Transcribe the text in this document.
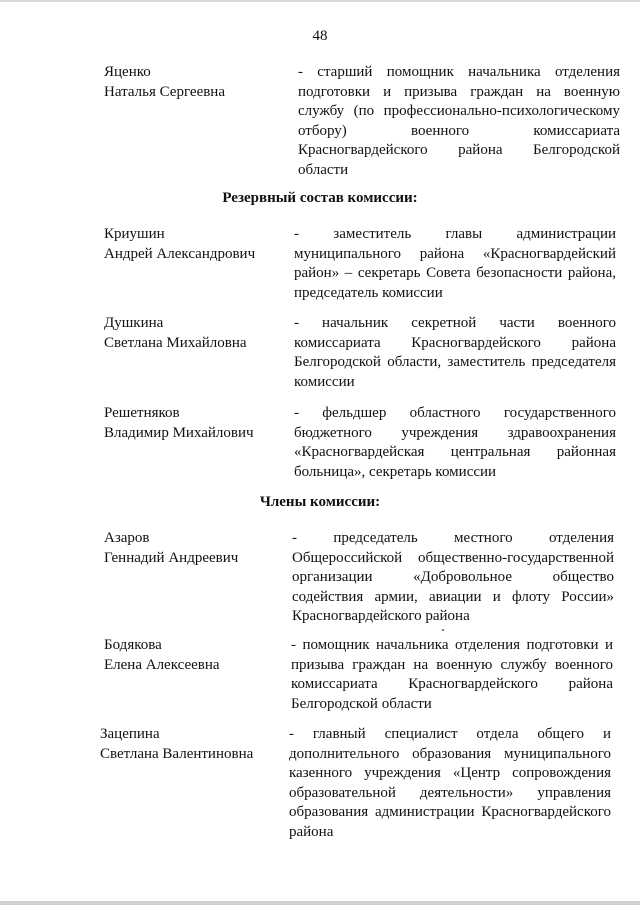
48
Яценко
Наталья Сергеевна
- старший помощник начальника отделения подготовки и призыва граждан на военную службу (по профессионально-психологическому отбору) военного комиссариата Красногвардейского района Белгородской области
Резервный состав комиссии:
Криушин
Андрей Александрович
- заместитель главы администрации муниципального района «Красногвардейский район» – секретарь Совета безопасности района, председатель комиссии
Душкина
Светлана Михайловна
- начальник секретной части военного комиссариата Красногвардейского района Белгородской области, заместитель председателя комиссии
Решетняков
Владимир Михайлович
- фельдшер областного государственного бюджетного учреждения здравоохранения «Красногвардейская центральная районная больница», секретарь комиссии
Члены комиссии:
Азаров
Геннадий Андреевич
- председатель местного отделения Общероссийской общественно-государственной организации «Добровольное общество содействия армии, авиации и флоту России» Красногвардейского района
Бодякова
Елена Алексеевна
- помощник начальника отделения подготовки и призыва граждан на военную службу военного комиссариата Красногвардейского района Белгородской области
Зацепина
Светлана Валентиновна
- главный специалист отдела общего и дополнительного образования муниципального казенного учреждения «Центр сопровождения образовательной деятельности» управления образования администрации Красногвардейского района
